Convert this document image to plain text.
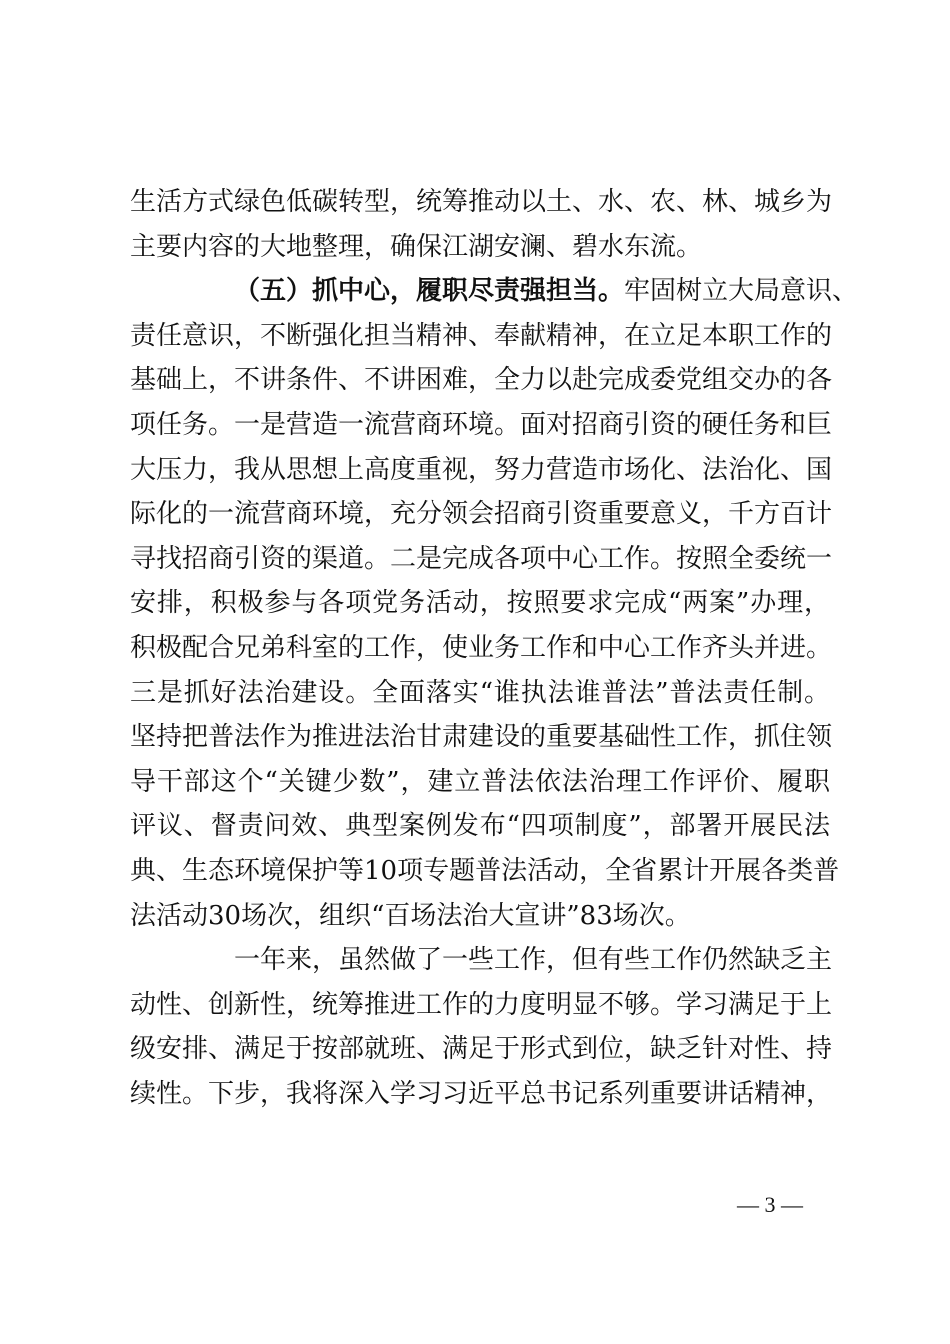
生活方式绿色低碳转型，统筹推动以土、水、农、林、城乡为
主要内容的大地整理，确保江湖安澜、碧水东流。
（五）抓中心，履职尽责强担当。牢固树立大局意识、
责任意识，不断强化担当精神、奉献精神，在立足本职工作的
基础上，不讲条件、不讲困难，全力以赴完成委党组交办的各
项任务。一是营造一流营商环境。面对招商引资的硬任务和巨
大压力，我从思想上高度重视，努力营造市场化、法治化、国
际化的一流营商环境，充分领会招商引资重要意义，千方百计
寻找招商引资的渠道。二是完成各项中心工作。按照全委统一
安排，积极参与各项党务活动，按照要求完成“两案”办理，
积极配合兄弟科室的工作，使业务工作和中心工作齐头并进。
三是抓好法治建设。全面落实“谁执法谁普法”普法责任制。
坚持把普法作为推进法治甘肃建设的重要基础性工作，抓住领
导干部这个“关键少数”，建立普法依法治理工作评价、履职
评议、督责问效、典型案例发布“四项制度”，部署开展民法
典、生态环境保护等10项专题普法活动，全省累计开展各类普
法活动30场次，组织“百场法治大宣讲”83场次。
一年来，虽然做了一些工作，但有些工作仍然缺乏主
动性、创新性，统筹推进工作的力度明显不够。学习满足于上
级安排、满足于按部就班、满足于形式到位，缺乏针对性、持
续性。下步，我将深入学习习近平总书记系列重要讲话精神，
— 3 —
